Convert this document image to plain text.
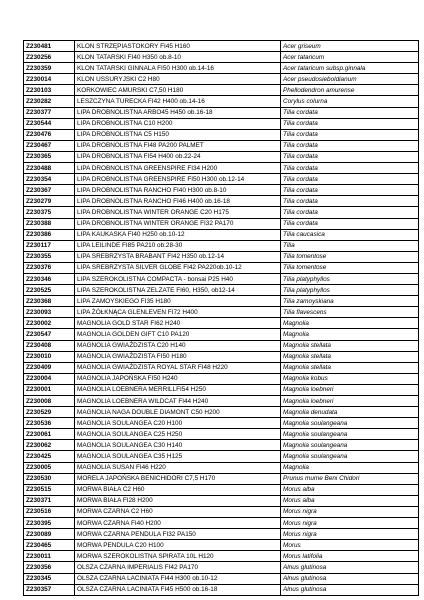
Z230481	KLON STRZĘPIASTOKORY FI45 H160	Acer griseum
Z230256	KLON TATARSKI FI40 H350 ob.8-10	Acer tataricum
Z230359	KLON TATARSKI GINNALA FI50 H300 ob.14-16	Acer tataricum subsp.ginnala
Z230014	KLON USSURYJSKI C2 H80	Acer pseudosieboldianum
Z230103	KORKOWIEC AMURSKI C7,50 H180	Phellodendron amurense
Z230282	LESZCZYNA TURECKA FI42 H400 ob.14-16	Corylus colurna
Z230377	LIPA DROBNOLISTNA ARBO45 H450 ob.16-18	Tilia cordata
Z230544	LIPA DROBNOLISTNA C10 H200	Tilia cordata
Z230476	LIPA DROBNOLISTNA C5 H150	Tilia cordata
Z230467	LIPA DROBNOLISTNA FI48 PA200 PALMET	Tilia cordata
Z230365	LIPA DROBNOLISTNA FI54 H400 ob.22-24	Tilia cordata
Z230488	LIPA DROBNOLISTNA GREENSPIRE FI34 H200	Tilia cordata
Z230354	LIPA DROBNOLISTNA GREENSPIRE FI50 H300 ob.12-14	Tilia cordata
Z230367	LIPA DROBNOLISTNA RANCHO FI40 H300 ob.8-10	Tilia cordata
Z230279	LIPA DROBNOLISTNA RANCHO FI46 H400 ob.16-18	Tilia cordata
Z230375	LIPA DROBNOLISTNA WINTER ORANGE C20 H175	Tilia cordata
Z230388	LIPA DROBNOLISTNA WINTER ORANGE FI32 PA170	Tilia cordata
Z230386	LIPA KAUKASKA FI40 H250 ob.10-12	Tilia caucasica
Z230117	LIPA LEILINDE FI85 PA210 ob.28-30	Tilia
Z230355	LIPA SREBRZYSTA BRABANT FI42 H350 ob.12-14	Tilia tomentose
Z230376	LIPA SREBRZYSTA SILVER GLOBE FI42 PA220ob.10-12	Tilia tomentose
Z230346	LIPA SZEROKOLISTNA COMPACTA - bonsai P25 H40	Tilia platyphyllos
Z230525	LIPA SZEROKOLISTNA ZELZATE FI60, H350, ob12-14	Tilia platyphyllos
Z230368	LIPA ZAMOYSKIEGO FI35 H180	Tilia zamoyskiana
Z230093	LIPA ŻÓŁKNĄCA GLENLEVEN FI72 H400	Tilia flavescens
Z230002	MAGNOLIA GOLD STAR FI62 H240	Magnolia
Z230547	MAGNOLIA GOLDEN GIFT C10 PA120	Magnolia
Z230408	MAGNOLIA GWIAŹDZISTA C20 H140	Magnolia stellata
Z230010	MAGNOLIA GWIAŹDZISTA FI50 H180	Magnolia stellata
Z230409	MAGNOLIA GWIAŹDZISTA ROYAL STAR FI48 H220	Magnolia stellata
Z230004	MAGNOLIA JAPOŃSKA FI50 H240	Magnolia kobus
Z230001	MAGNOLIA LOEBNERA MERRILLFI54 H250	Magnolia loebneri
Z230008	MAGNOLIA LOEBNERA WILDCAT FI44 H240	Magnolia loebneri
Z230529	MAGNOLIA NAGA DOUBLE DIAMONT C50 H200	Magnolia denudata
Z230536	MAGNOLIA SOULANGEA C20 H100	Magnolia soulangeana
Z230061	MAGNOLIA SOULANGEA C25 H250	Magnolia soulangeana
Z230062	MAGNOLIA SOULANGEA C30 H140	Magnolia soulangeana
Z230425	MAGNOLIA SOULANGEA C35 H125	Magnolia soulangeana
Z230005	MAGNOLIA SUSAN FI46 H220	Magnolia
Z230530	MORELA JAPOŃSKA BENICHIDORI C7,5 H170	Prunus mume Beni Chidori
Z230515	MORWA BIAŁA C2 H60	Morus alba
Z230371	MORWA BIAŁA FI28 H200	Morus alba
Z230516	MORWA CZARNA C2 H60	Morus nigra
Z230395	MORWA CZARNA FI40 H200	Morus nigra
Z230089	MORWA CZARNA PENDULA FI32 PA150	Morus nigra
Z230465	MORWA PENDULA C20 H100	Morus
Z230011	MORWA SZEROKOLISTNA SPIRATA 10L H120	Morus latifolia
Z230356	OLSZA CZARNA IMPERIALIS FI42 PA170	Alnus glutinosa
Z230345	OLSZA CZARNA LACINIATA FI44 H300 ob.10-12	Alnus glutinosa
Z230357	OLSZA CZARNA LACINIATA FI45 H500 ob.16-18	Alnus glutinosa
